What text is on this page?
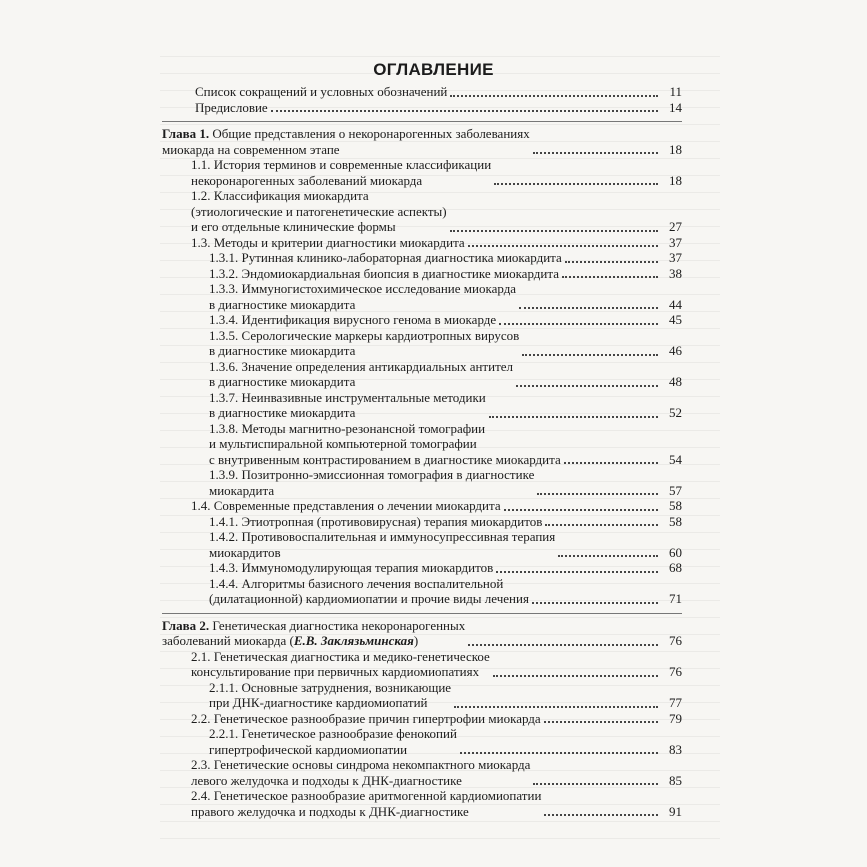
ОГЛАВЛЕНИЕ
Список сокращений и условных обозначений	11
Предисловие	14
Глава 1. Общие представления о некоронарогенных заболеваниях
миокарда на современном этапе	18
1.1. История терминов и современные классификации
некоронарогенных заболеваний миокарда	18
1.2. Классификация миокардита
(этиологические и патогенетические аспекты)
и его отдельные клинические формы	27
1.3. Методы и критерии диагностики миокардита	37
1.3.1. Рутинная клинико-лабораторная диагностика миокардита	37
1.3.2. Эндомиокардиальная биопсия в диагностике миокардита	38
1.3.3. Иммуногистохимическое исследование миокарда
в диагностике миокардита	44
1.3.4. Идентификация вирусного генома в миокарде	45
1.3.5. Серологические маркеры кардиотропных вирусов
в диагностике миокардита	46
1.3.6. Значение определения антикардиальных антител
в диагностике миокардита	48
1.3.7. Неинвазивные инструментальные методики
в диагностике миокардита	52
1.3.8. Методы магнитно-резонансной томографии
и мультиспиральной компьютерной томографии
с внутривенным контрастированием в диагностике миокардита	54
1.3.9. Позитронно-эмиссионная томография в диагностике
миокардита	57
1.4. Современные представления о лечении миокардита	58
1.4.1. Этиотропная (противовирусная) терапия миокардитов	58
1.4.2. Противовоспалительная и иммуносупрессивная терапия
миокардитов	60
1.4.3. Иммуномодулирующая терапия миокардитов	68
1.4.4. Алгоритмы базисного лечения воспалительной
(дилатационной) кардиомиопатии и прочие виды лечения	71
Глава 2. Генетическая диагностика некоронарогенных
заболеваний миокарда (Е.В. Заклязьминская)	76
2.1. Генетическая диагностика и медико-генетическое
консультирование при первичных кардиомиопатиях	76
2.1.1. Основные затруднения, возникающие
при ДНК-диагностике кардиомиопатий	77
2.2. Генетическое разнообразие причин гипертрофии миокарда	79
2.2.1. Генетическое разнообразие фенокопий
гипертрофической кардиомиопатии	83
2.3. Генетические основы синдрома некомпактного миокарда
левого желудочка и подходы к ДНК-диагностике	85
2.4. Генетическое разнообразие аритмогенной кардиомиопатии
правого желудочка и подходы к ДНК-диагностике	91
